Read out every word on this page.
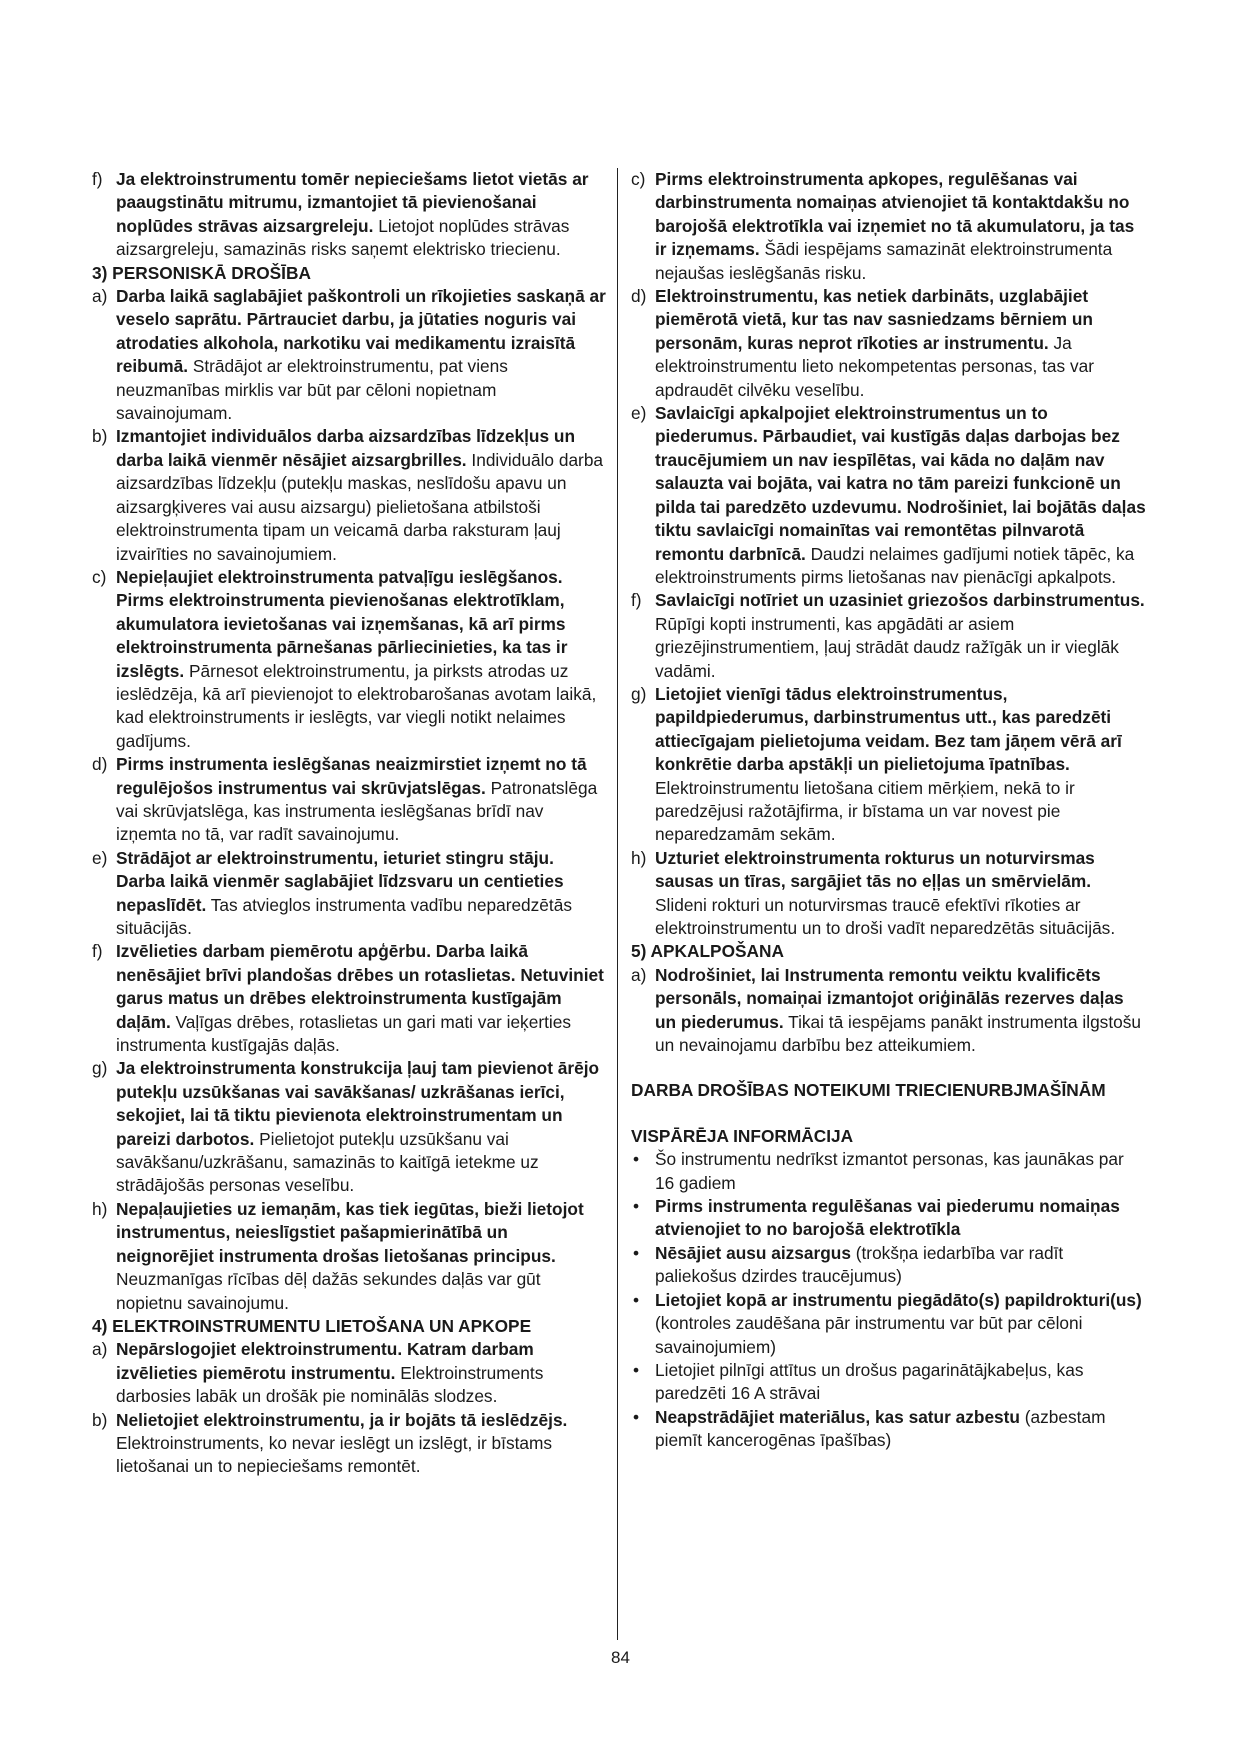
f) Ja elektroinstrumentu tomēr nepieciešams lietot vietās ar paaugstinātu mitrumu, izmantojiet tā pievienošanai noplūdes strāvas aizsargreleju. Lietojot noplūdes strāvas aizsargreleju, samazinās risks saņemt elektrisko triecienu.

3) PERSONISKĀ DROŠĪBA

a) Darba laikā saglabājiet paškontroli un rīkojieties saskaņā ar veselo saprātu. Pārtrauciet darbu, ja jūtaties noguris vai atrodaties alkohola, narkotiku vai medikamentu izraisītā reibumā. Strādājot ar elektroinstrumentu, pat viens neuzmanības mirklis var būt par cēloni nopietnam savainojumam.

b) Izmantojiet individuālos darba aizsardzības līdzekļus un darba laikā vienmēr nēsājiet aizsargbrilles. Individuālo darba aizsardzības līdzekļu (putekļu maskas, neslīdošu apavu un aizsargķiveres vai ausu aizsargu) pielietošana atbilstoši elektroinstrumenta tipam un veicamā darba raksturam ļauj izvairīties no savainojumiem.

c) Nepieļaujiet elektroinstrumenta patvaļīgu ieslēgšanos. Pirms elektroinstrumenta pievienošanas elektrotīklam, akumulatora ievietošanas vai izņemšanas, kā arī pirms elektroinstrumenta pārnešanas pārliecinieties, ka tas ir izslēgts. Pārnesot elektroinstrumentu, ja pirksts atrodas uz ieslēdzēja, kā arī pievienojot to elektrobarošanas avotam laikā, kad elektroinstruments ir ieslēgts, var viegli notikt nelaimes gadījums.

d) Pirms instrumenta ieslēgšanas neaizmirstiet izņemt no tā regulējošos instrumentus vai skrūvjatslēgas. Patronatslēga vai skrūvjatslēga, kas instrumenta ieslēgšanas brīdī nav izņemta no tā, var radīt savainojumu.

e) Strādājot ar elektroinstrumentu, ieturiet stingru stāju. Darba laikā vienmēr saglabājiet līdzsvaru un centieties nepaslīdēt. Tas atvieglos instrumenta vadību neparedzētās situācijās.

f) Izvēlieties darbam piemērotu apģērbu. Darba laikā nenēsājiet brīvi plandošas drēbes un rotaslietas. Netuviniet garus matus un drēbes elektroinstrumenta kustīgajām daļām. Vaļīgas drēbes, rotaslietas un gari mati var ieķerties instrumenta kustīgajās daļās.

g) Ja elektroinstrumenta konstrukcija ļauj tam pievienot ārējo putekļu uzsūkšanas vai savākšanas/ uzkrāšanas ierīci, sekojiet, lai tā tiktu pievienota elektroinstrumentam un pareizi darbotos. Pielietojot putekļu uzsūkšanu vai savākšanu/uzkrāšanu, samazinās to kaitīgā ietekme uz strādājošās personas veselību.

h) Nepaļaujieties uz iemaņām, kas tiek iegūtas, bieži lietojot instrumentus, neieslīgstiet pašapmierinātībā un neignorējiet instrumenta drošas lietošanas principus. Neuzmanīgas rīcības dēļ dažās sekundes daļās var gūt nopietnu savainojumu.

4) ELEKTROINSTRUMENTU LIETOŠANA UN APKOPE

a) Nepārslogojiet elektroinstrumentu. Katram darbam izvēlieties piemērotu instrumentu. Elektroinstruments darbosies labāk un drošāk pie nominālās slodzes.

b) Nelietojiet elektroinstrumentu, ja ir bojāts tā ieslēdzējs. Elektroinstruments, ko nevar ieslēgt un izslēgt, ir bīstams lietošanai un to nepieciešams remontēt.

c) Pirms elektroinstrumenta apkopes, regulēšanas vai darbinstrumenta nomaiņas atvienojiet tā kontaktdakšu no barojošā elektrotīkla vai izņemiet no tā akumulatoru, ja tas ir izņemams. Šādi iespējams samazināt elektroinstrumenta nejaušas ieslēgšanās risku.

d) Elektroinstrumentu, kas netiek darbināts, uzglabājiet piemērotā vietā, kur tas nav sasniedzams bērniem un personām, kuras neprot rīkoties ar instrumentu. Ja elektroinstrumentu lieto nekompetentas personas, tas var apdraudēt cilvēku veselību.

e) Savlaicīgi apkalpojiet elektroinstrumentus un to piederumus. Pārbaudiet, vai kustīgās daļas darbojas bez traucējumiem un nav iespīlētas, vai kāda no daļām nav salauzta vai bojāta, vai katra no tām pareizi funkcionē un pilda tai paredzēto uzdevumu. Nodrošiniet, lai bojātās daļas tiktu savlaicīgi nomainītas vai remontētas pilnvarotā remontu darbnīcā. Daudzi nelaimes gadījumi notiek tāpēc, ka elektroinstruments pirms lietošanas nav pienācīgi apkalpots.

f) Savlaicīgi notīriet un uzasiniet griezošos darbinstrumentus. Rūpīgi kopti instrumenti, kas apgādāti ar asiem griezējinstrumentiem, ļauj strādāt daudz ražīgāk un ir vieglāk vadāmi.

g) Lietojiet vienīgi tādus elektroinstrumentus, papildpiederumus, darbinstrumentus utt., kas paredzēti attiecīgajam pielietojuma veidam. Bez tam jāņem vērā arī konkrētie darba apstākļi un pielietojuma īpatnības. Elektroinstrumentu lietošana citiem mērķiem, nekā to ir paredzējusi ražotājfirma, ir bīstama un var novest pie neparedzamām sekām.

h) Uzturiet elektroinstrumenta rokturus un noturvirsmas sausas un tīras, sargājiet tās no eļļas un smērvielām. Slideni rokturi un noturvirsmas traucē efektīvi rīkoties ar elektroinstrumentu un to droši vadīt neparedzētās situācijās.

5) APKALPOŠANA

a) Nodrošiniet, lai Instrumenta remontu veiktu kvalificēts personāls, nomaiņai izmantojot oriģinālās rezerves daļas un piederumus. Tikai tā iespējams panākt instrumenta ilgstošu un nevainojamu darbību bez atteikumiem.

DARBA DROŠĪBAS NOTEIKUMI TRIECIENURBJMAŠĪNĀM

VISPĀRĒJA INFORMĀCIJA

• Šo instrumentu nedrīkst izmantot personas, kas jaunākas par 16 gadiem

• Pirms instrumenta regulēšanas vai piederumu nomaiņas atvienojiet to no barojošā elektrotīkla

• Nēsājiet ausu aizsargus (trokšņa iedarbība var radīt paliekošus dzirdes traucējumus)

• Lietojiet kopā ar instrumentu piegādāto(s) papildrokturi(us) (kontroles zaudēšana pār instrumentu var būt par cēloni savainojumiem)

• Lietojiet pilnīgi attītus un drošus pagarinātājkabeļus, kas paredzēti 16 A strāvai

• Neapstrādājiet materiālus, kas satur azbestu (azbestam piemīt kancerogēnas īpašības)

84
